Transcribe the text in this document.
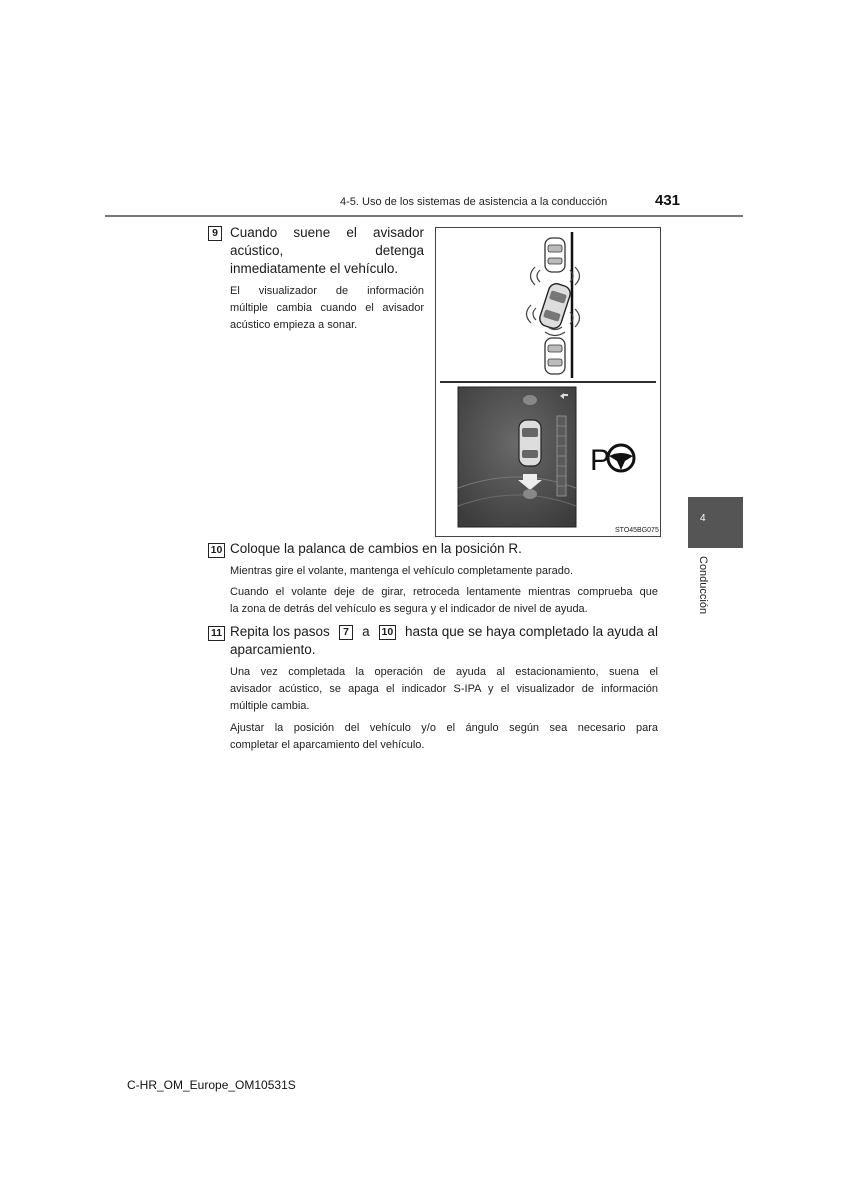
4-5. Uso de los sistemas de asistencia a la conducción	431
4
Conducción
9 Cuando suene el avisador
acústico, detenga
inmediatamente el vehículo.
El visualizador de información
múltiple cambia cuando el avisador
acústico empieza a sonar.
P
STO45BG075
10 Coloque la palanca de cambios en la posición R.
Mientras gire el volante, mantenga el vehículo completamente parado.
Cuando el volante deje de girar, retroceda lentamente mientras comprueba que
la zona de detrás del vehículo es segura y el indicador de nivel de ayuda.
11 Repita los pasos	7 a 10 hasta que se haya completado la ayuda al
aparcamiento.
Una vez completada la operación de ayuda al estacionamiento, suena el
avisador acústico, se apaga el indicador S-IPA y el visualizador de información
múltiple cambia.
Ajustar la posición del vehículo y/o el ángulo según sea necesario para
completar el aparcamiento del vehículo.
C-HR_OM_Europe_OM10531S
